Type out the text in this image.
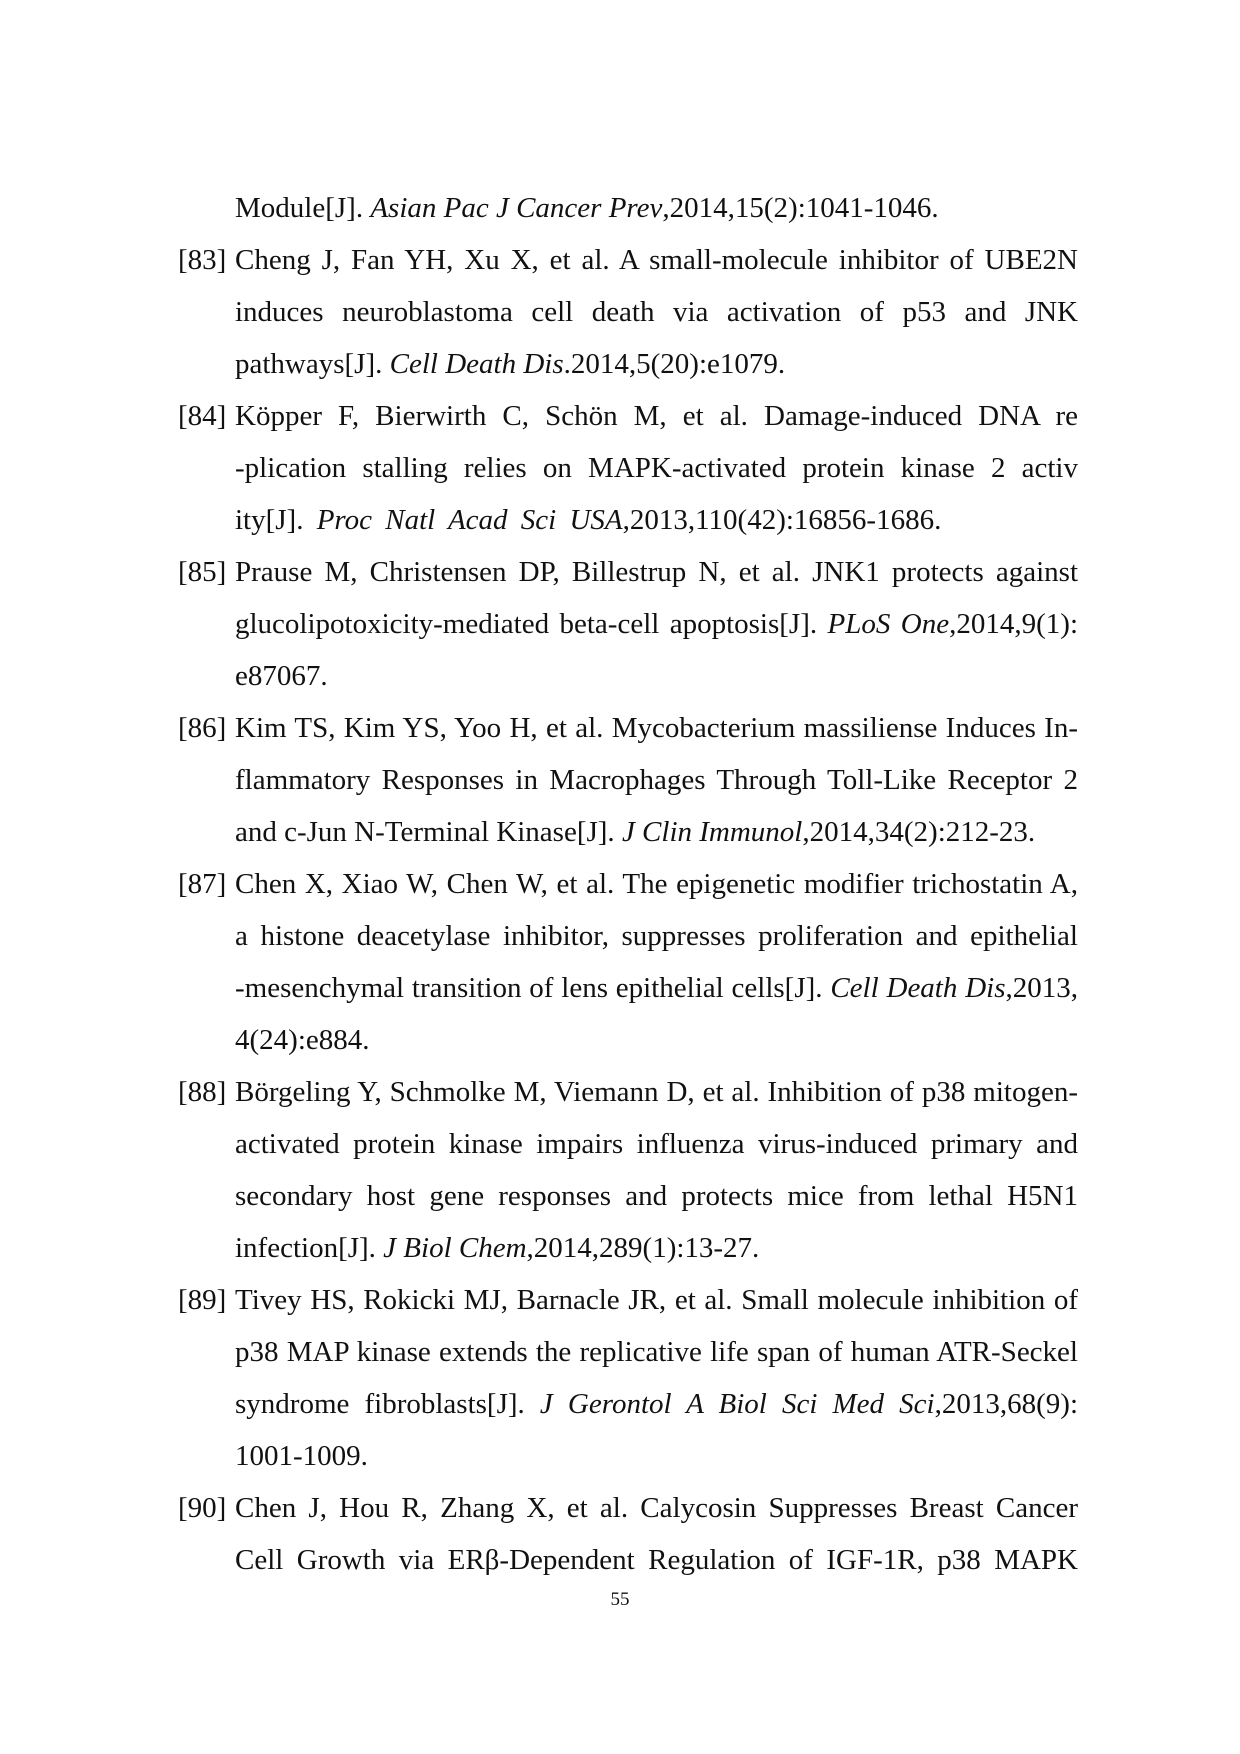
Module[J]. Asian Pac J Cancer Prev,2014,15(2):1041-1046.
[83] Cheng J, Fan YH, Xu X, et al. A small-molecule inhibitor of UBE2N
induces neuroblastoma cell death via activation of p53 and JNK
pathways[J]. Cell Death Dis.2014,5(20):e1079.
[84] Köpper F, Bierwirth C, Schön M, et al. Damage-induced DNA re
-plication stalling relies on MAPK-activated protein kinase 2 activ
ity[J]. Proc Natl Acad Sci USA,2013,110(42):16856-1686.
[85] Prause M, Christensen DP, Billestrup N, et al. JNK1 protects against
glucolipotoxicity-mediated beta-cell apoptosis[J]. PLoS One,2014,9(1):
e87067.
[86] Kim TS, Kim YS, Yoo H, et al. Mycobacterium massiliense Induces In-
flammatory Responses in Macrophages Through Toll-Like Receptor 2
and c-Jun N-Terminal Kinase[J]. J Clin Immunol,2014,34(2):212-23.
[87] Chen X, Xiao W, Chen W, et al. The epigenetic modifier trichostatin A,
a histone deacetylase inhibitor, suppresses proliferation and epithelial
-mesenchymal transition of lens epithelial cells[J]. Cell Death Dis,2013,
4(24):e884.
[88] Börgeling Y, Schmolke M, Viemann D, et al. Inhibition of p38 mitogen-
activated protein kinase impairs influenza virus-induced primary and
secondary host gene responses and protects mice from lethal H5N1
infection[J]. J Biol Chem,2014,289(1):13-27.
[89] Tivey HS, Rokicki MJ, Barnacle JR, et al. Small molecule inhibition of
p38 MAP kinase extends the replicative life span of human ATR-Seckel
syndrome fibroblasts[J]. J Gerontol A Biol Sci Med Sci,2013,68(9):
1001-1009.
[90] Chen J, Hou R, Zhang X, et al. Calycosin Suppresses Breast Cancer
Cell Growth via ERβ-Dependent Regulation of IGF-1R, p38 MAPK
55
